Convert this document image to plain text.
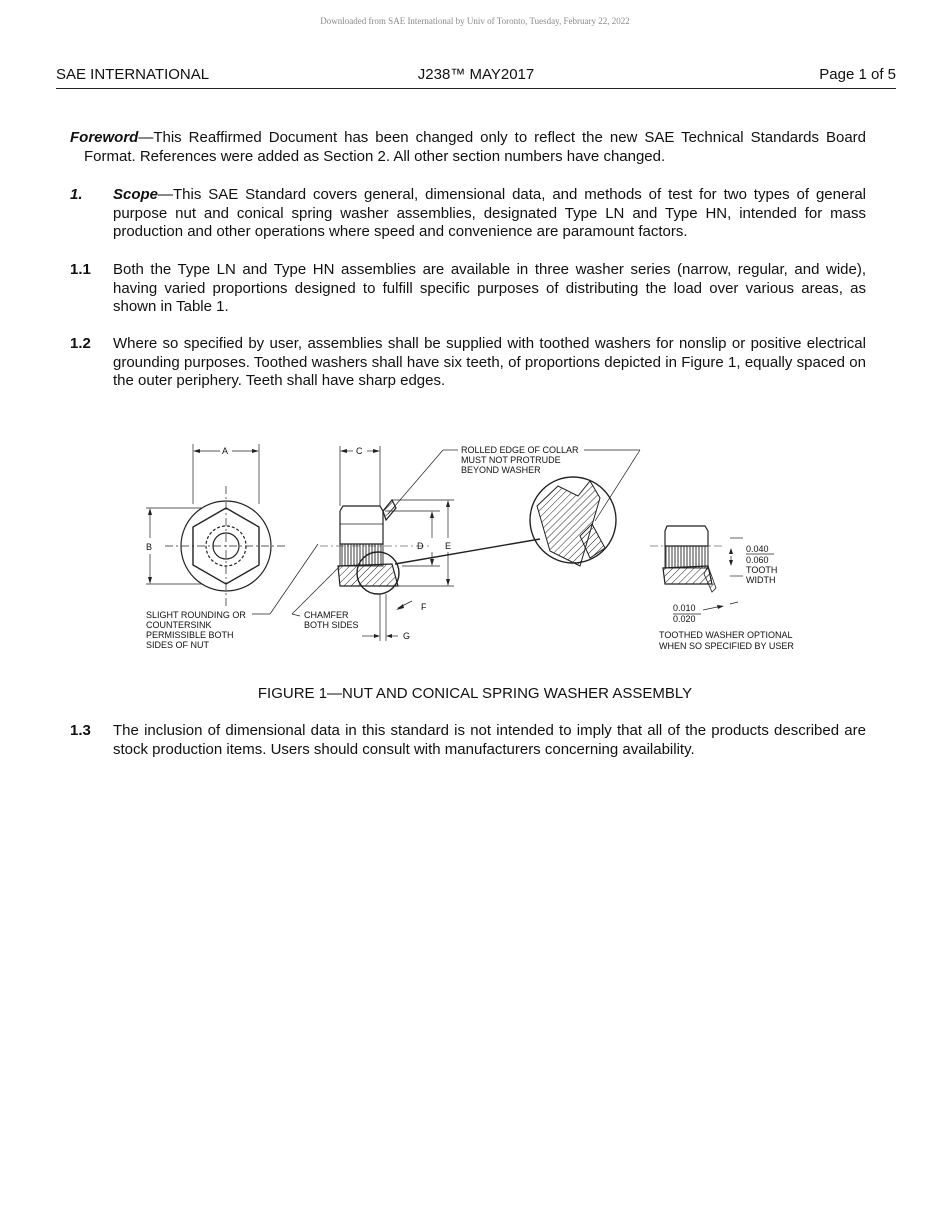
Downloaded from SAE International by Univ of Toronto, Tuesday, February 22, 2022
SAE INTERNATIONAL	J238™ MAY2017	Page 1 of 5
Foreword—This Reaffirmed Document has been changed only to reflect the new SAE Technical Standards Board Format. References were added as Section 2. All other section numbers have changed.
1. Scope—This SAE Standard covers general, dimensional data, and methods of test for two types of general purpose nut and conical spring washer assemblies, designated Type LN and Type HN, intended for mass production and other operations where speed and convenience are paramount factors.
1.1 Both the Type LN and Type HN assemblies are available in three washer series (narrow, regular, and wide), having varied proportions designed to fulfill specific purposes of distributing the load over various areas, as shown in Table 1.
1.2 Where so specified by user, assemblies shall be supplied with toothed washers for nonslip or positive electrical grounding purposes. Toothed washers shall have six teeth, of proportions depicted in Figure 1, equally spaced on the outer periphery. Teeth shall have sharp edges.
A
B
C
D E
F
G
0.040
0.060
TOOTH
WIDTH
0.010
0.020
ROLLED EDGE OF COLLAR
MUST NOT PROTRUDE
BEYOND WASHER
SLIGHT ROUNDING OR
COUNTERSINK
PERMISSIBLE BOTH
SIDES OF NUT
CHAMFER
BOTH SIDES
TOOTHED WASHER OPTIONAL
WHEN SO SPECIFIED BY USER
FIGURE 1—NUT AND CONICAL SPRING WASHER ASSEMBLY
1.3 The inclusion of dimensional data in this standard is not intended to imply that all of the products described are stock production items. Users should consult with manufacturers concerning availability.
